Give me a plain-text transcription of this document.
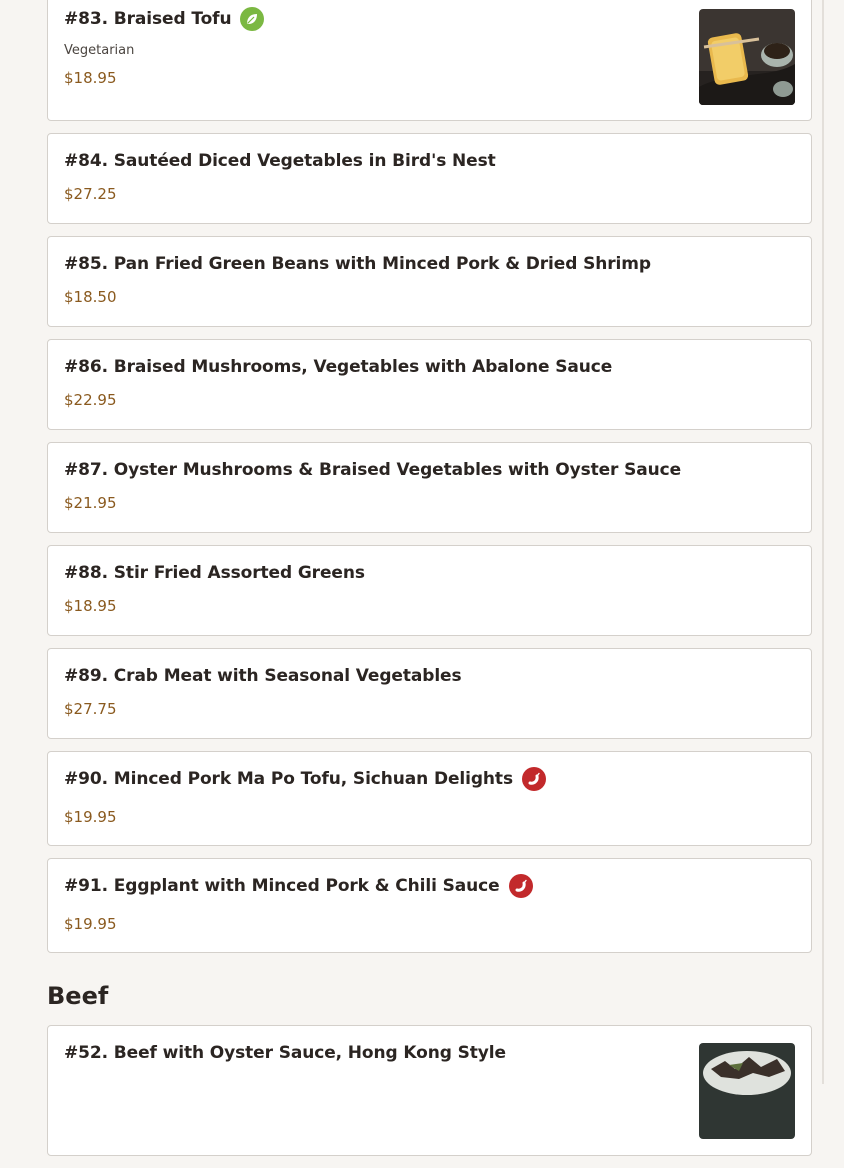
#83. Braised Tofu
Vegetarian
$18.95
#84. Sautéed Diced Vegetables in Bird's Nest
$27.25
#85. Pan Fried Green Beans with Minced Pork & Dried Shrimp
$18.50
#86. Braised Mushrooms, Vegetables with Abalone Sauce
$22.95
#87. Oyster Mushrooms & Braised Vegetables with Oyster Sauce
$21.95
#88. Stir Fried Assorted Greens
$18.95
#89. Crab Meat with Seasonal Vegetables
$27.75
#90. Minced Pork Ma Po Tofu, Sichuan Delights
$19.95
#91. Eggplant with Minced Pork & Chili Sauce
$19.95
Beef
#52. Beef with Oyster Sauce, Hong Kong Style
